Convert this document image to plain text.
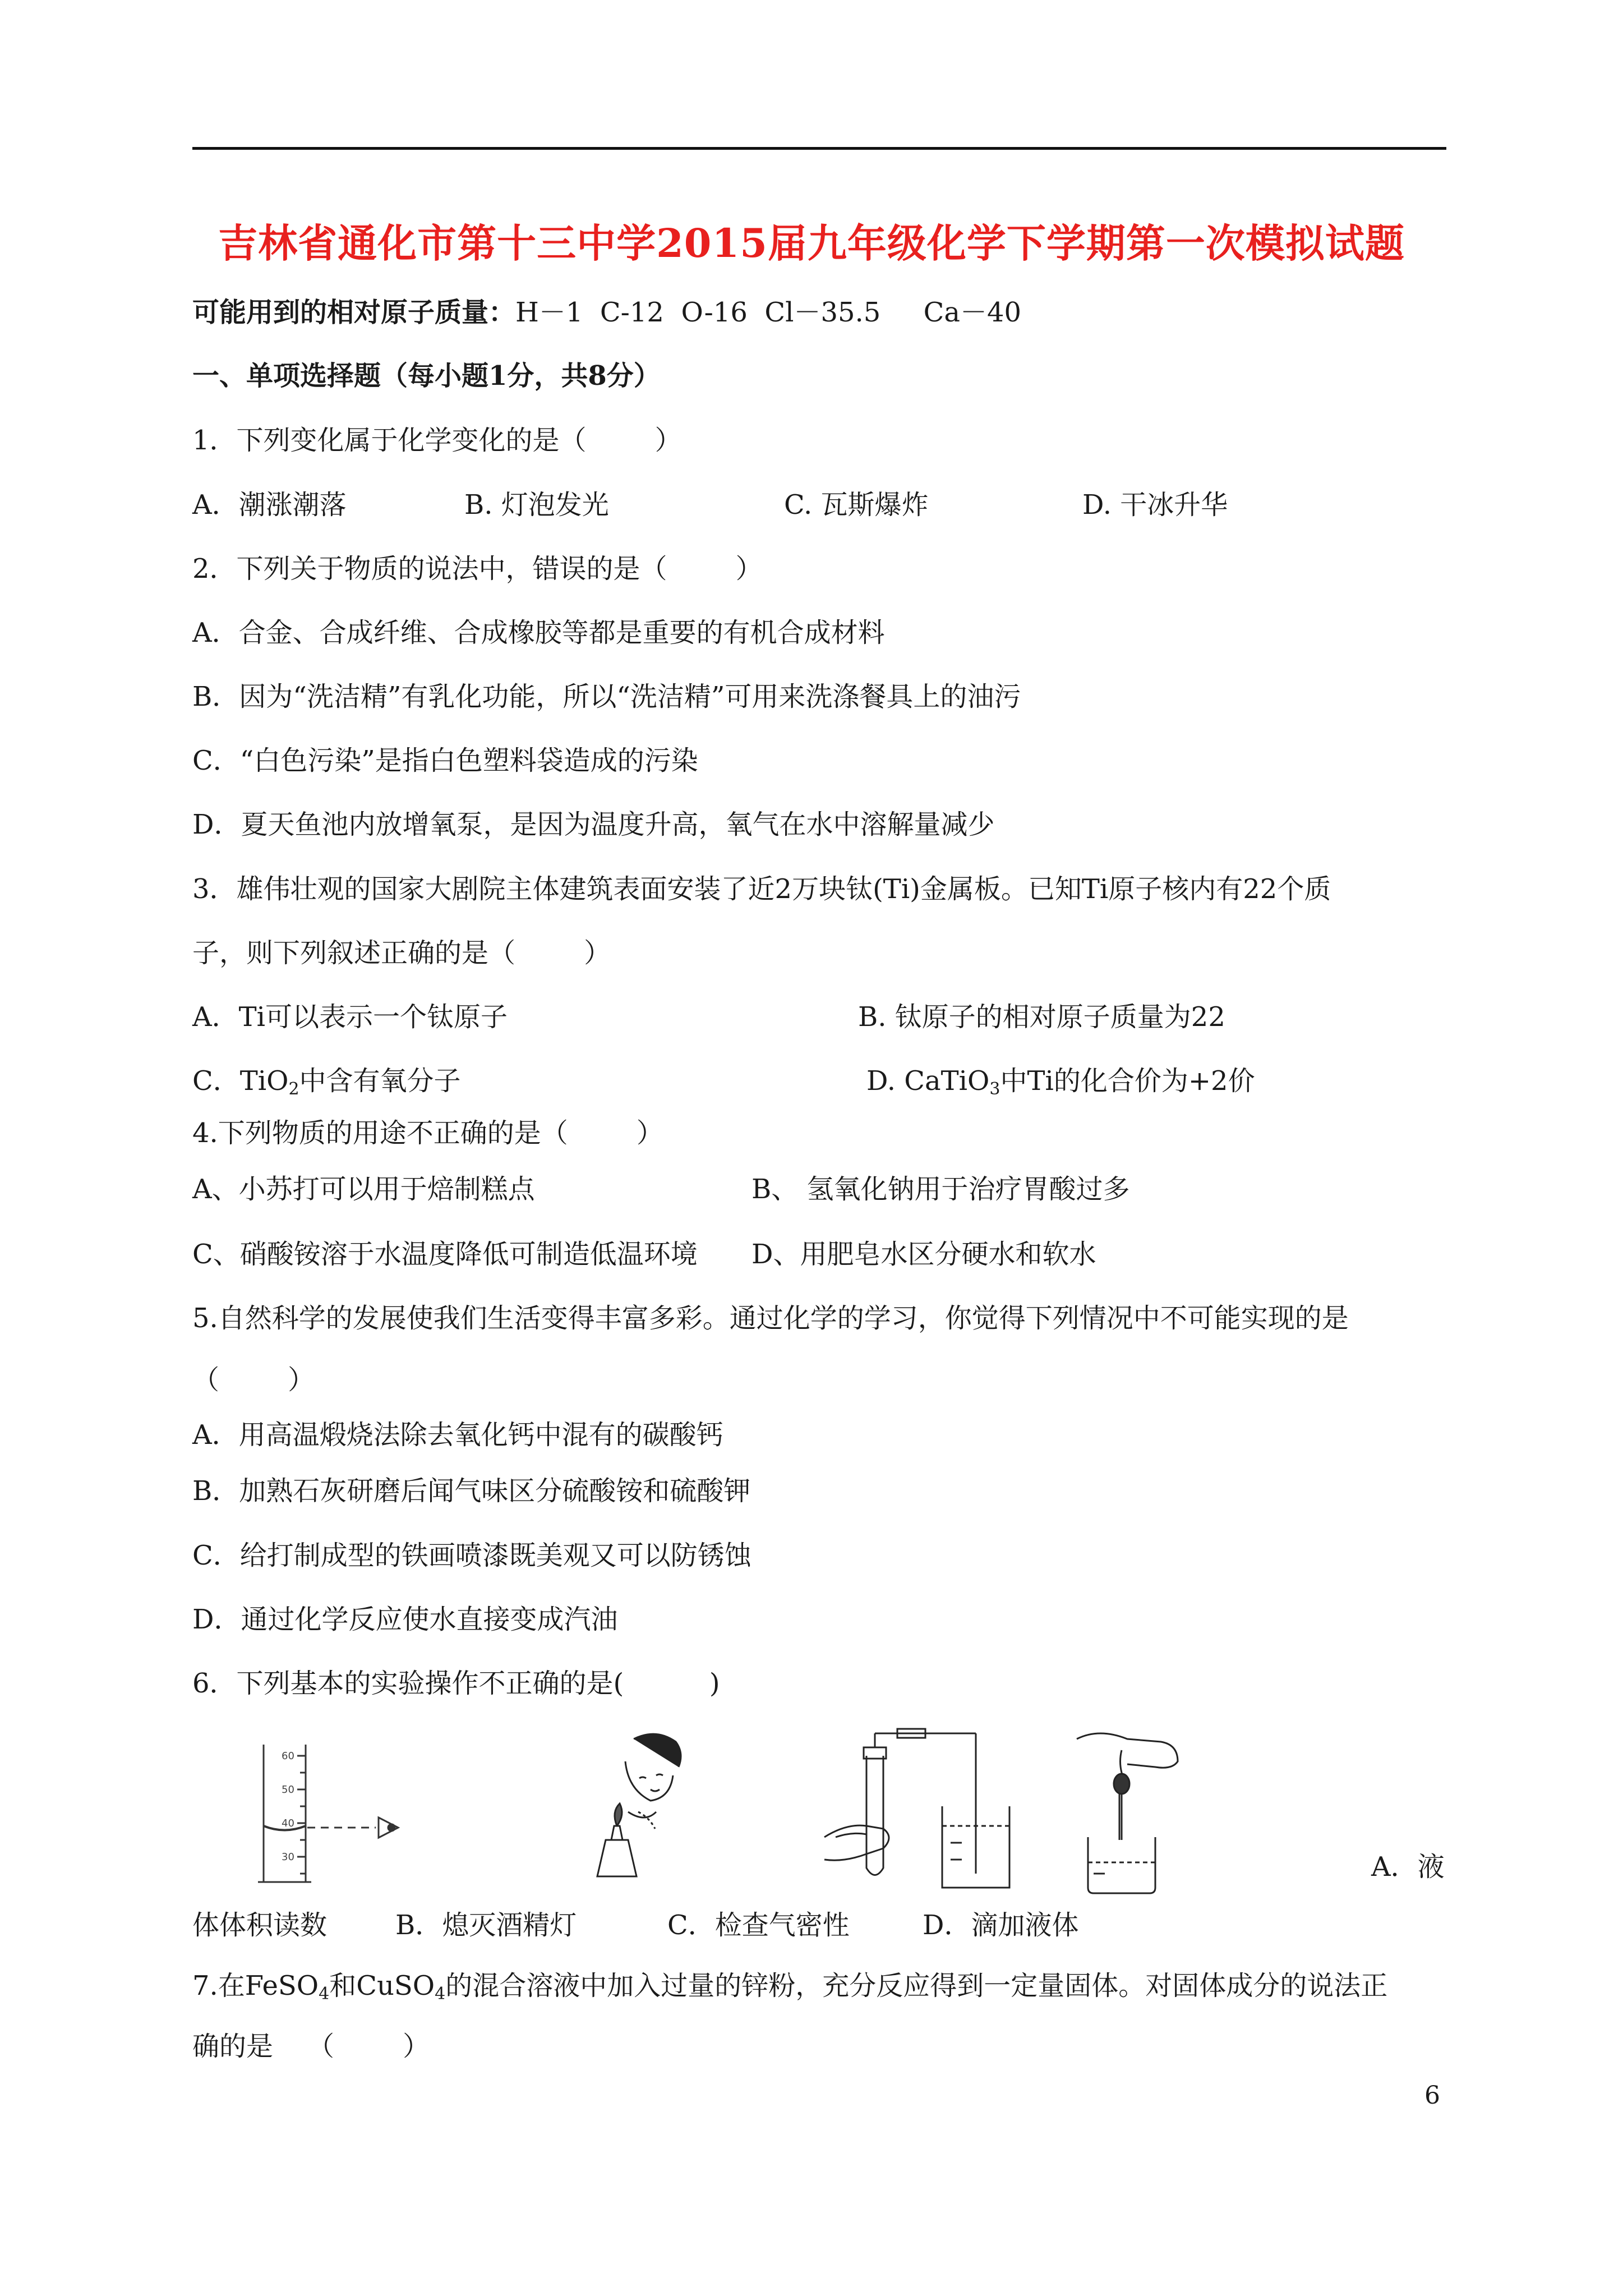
吉林省通化市第十三中学2015届九年级化学下学期第一次模拟试题
可能用到的相对原子质量：H－1  C-12  O-16  Cl－35.5     Ca－40
一、单项选择题（每小题1分，共8分）
1．下列变化属于化学变化的是（        ）
A．潮涨潮落	B. 灯泡发光	C. 瓦斯爆炸	D. 干冰升华
2．下列关于物质的说法中，错误的是（        ）
A．合金、合成纤维、合成橡胶等都是重要的有机合成材料
B．因为“洗洁精”有乳化功能，所以“洗洁精”可用来洗涤餐具上的油污
C．“白色污染”是指白色塑料袋造成的污染
D．夏天鱼池内放增氧泵，是因为温度升高，氧气在水中溶解量减少
3．雄伟壮观的国家大剧院主体建筑表面安装了近2万块钛(Ti)金属板。已知Ti原子核内有22个质
子，则下列叙述正确的是（        ）
A．Ti可以表示一个钛原子	B. 钛原子的相对原子质量为22
C．TiO$_2$中含有氧分子	D. CaTiO$_3$中Ti的化合价为+2价
4.下列物质的用途不正确的是（        ）
A、小苏打可以用于焙制糕点	B、 氢氧化钠用于治疗胃酸过多
C、硝酸铵溶于水温度降低可制造低温环境 D、用肥皂水区分硬水和软水
5.自然科学的发展使我们生活变得丰富多彩。通过化学的学习，你觉得下列情况中不可能实现的是
（        ）
A．用高温煅烧法除去氧化钙中混有的碳酸钙
B．加熟石灰研磨后闻气味区分硫酸铵和硫酸钾
C．给打制成型的铁画喷漆既美观又可以防锈蚀
D．通过化学反应使水直接变成汽油
6．下列基本的实验操作不正确的是(          )
60
50
40
30	A．液
体体积读数	B．熄灭酒精灯	C．检查气密性	D．滴加液体
7.在FeSO$_4$和CuSO$_4$的混合溶液中加入过量的锌粉，充分反应得到一定量固体。对固体成分的说法正
确的是    （        ）
6
